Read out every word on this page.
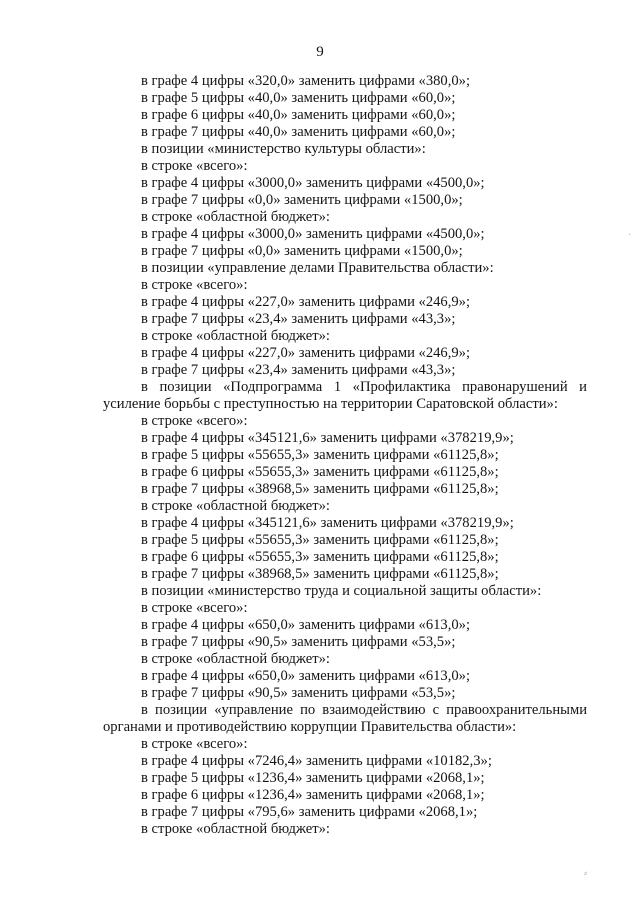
9
в графе 4 цифры «320,0» заменить цифрами «380,0»;
в графе 5 цифры «40,0» заменить цифрами «60,0»;
в графе 6 цифры «40,0» заменить цифрами «60,0»;
в графе 7 цифры «40,0» заменить цифрами «60,0»;
в позиции «министерство культуры области»:
в строке «всего»:
в графе 4 цифры «3000,0» заменить цифрами «4500,0»;
в графе 7 цифры «0,0» заменить цифрами «1500,0»;
в строке «областной бюджет»:
в графе 4 цифры «3000,0» заменить цифрами «4500,0»;
в графе 7 цифры «0,0» заменить цифрами «1500,0»;
в позиции «управление делами Правительства области»:
в строке «всего»:
в графе 4 цифры «227,0» заменить цифрами «246,9»;
в графе 7 цифры «23,4» заменить цифрами «43,3»;
в строке «областной бюджет»:
в графе 4 цифры «227,0» заменить цифрами «246,9»;
в графе 7 цифры «23,4» заменить цифрами «43,3»;
в позиции «Подпрограмма 1 «Профилактика правонарушений и усиление борьбы с преступностью на территории Саратовской области»:
в строке «всего»:
в графе 4 цифры «345121,6» заменить цифрами «378219,9»;
в графе 5 цифры «55655,3» заменить цифрами «61125,8»;
в графе 6 цифры «55655,3» заменить цифрами «61125,8»;
в графе 7 цифры «38968,5» заменить цифрами «61125,8»;
в строке «областной бюджет»:
в графе 4 цифры «345121,6» заменить цифрами «378219,9»;
в графе 5 цифры «55655,3» заменить цифрами «61125,8»;
в графе 6 цифры «55655,3» заменить цифрами «61125,8»;
в графе 7 цифры «38968,5» заменить цифрами «61125,8»;
в позиции «министерство труда и социальной защиты области»:
в строке «всего»:
в графе 4 цифры «650,0» заменить цифрами «613,0»;
в графе 7 цифры «90,5» заменить цифрами «53,5»;
в строке «областной бюджет»:
в графе 4 цифры «650,0» заменить цифрами «613,0»;
в графе 7 цифры «90,5» заменить цифрами «53,5»;
в позиции «управление по взаимодействию с правоохранительными органами и противодействию коррупции Правительства области»:
в строке «всего»:
в графе 4 цифры «7246,4» заменить цифрами «10182,3»;
в графе 5 цифры «1236,4» заменить цифрами «2068,1»;
в графе 6 цифры «1236,4» заменить цифрами «2068,1»;
в графе 7 цифры «795,6» заменить цифрами «2068,1»;
в строке «областной бюджет»:
⸗
·
